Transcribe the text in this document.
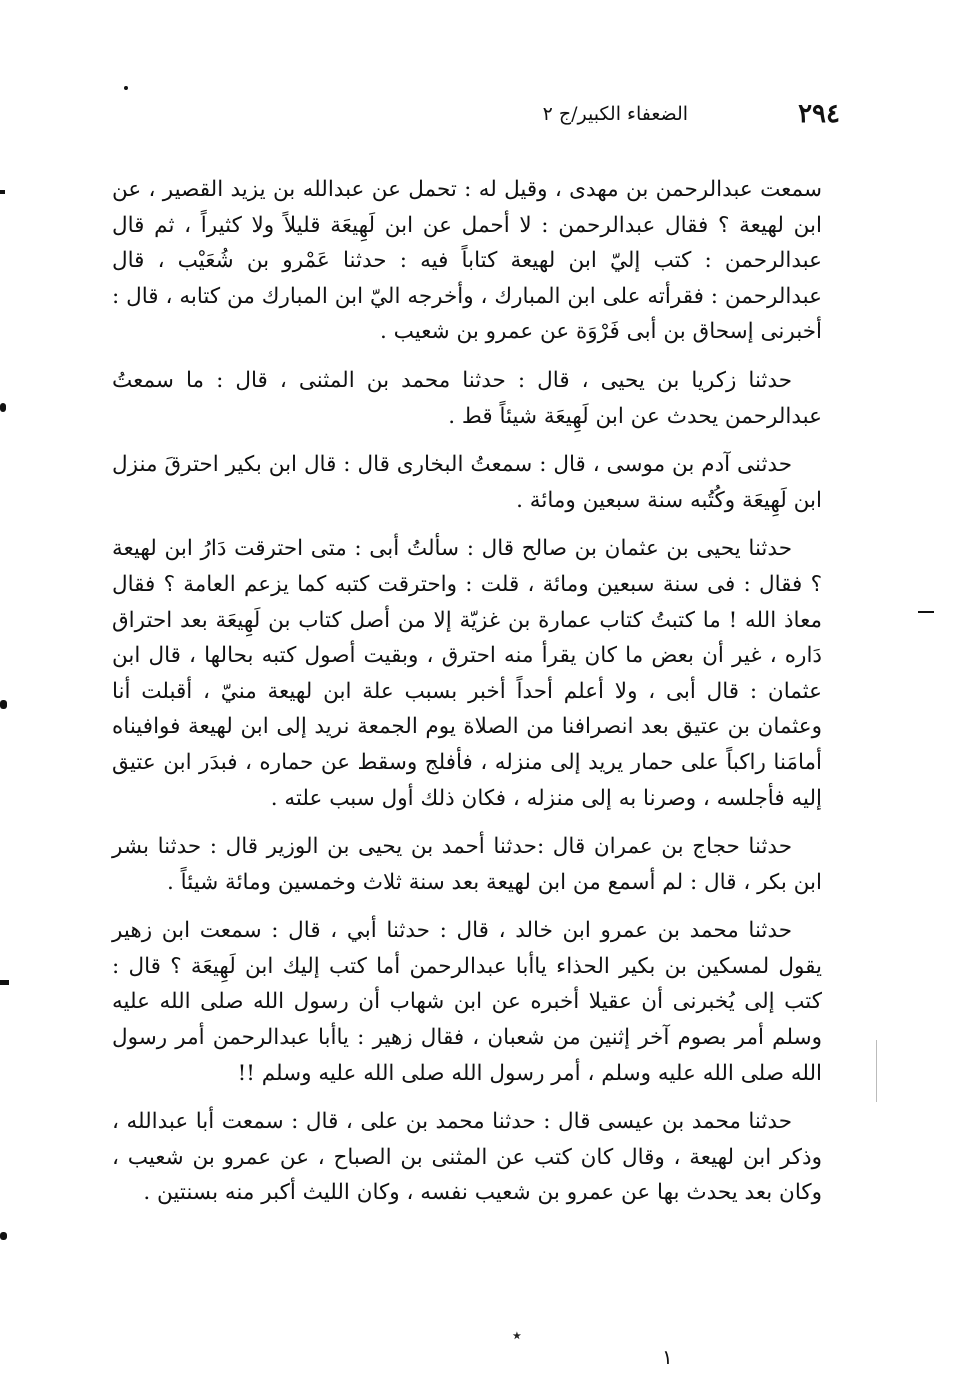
٢٩٤
الضعفاء الكبير/ج ٢

سمعت عبدالرحمن بن مهدى ، وقيل له : تحمل عن عبدالله بن يزيد القصير ، عن ابن لهيعة ؟ فقال عبدالرحمن : لا أحمل عن ابن لَهِيعَة قليلاً ولا كثيراً ، ثم قال عبدالرحمن : كتب إليّ ابن لهيعة كتاباً فيه : حدثنا عَمْرو بن شُعَيْب ، قال عبدالرحمن : فقرأته على ابن المبارك ، وأخرجه اليّ ابن المبارك من كتابه ، قال : أخبرنى إسحاق بن أبى فَرْوَة عن عمرو بن شعيب .

حدثنا زكريا بن يحيى ، قال : حدثنا محمد بن المثنى ، قال : ما سمعتُ عبدالرحمن يحدث عن ابن لَهِيعَة شيئاً قط .

حدثنى آدم بن موسى ، قال : سمعتُ البخارى قال : قال ابن بكير احترقَ منزل ابن لَهِيعَة وكُتُبه سنة سبعين ومائة .

حدثنا يحيى بن عثمان بن صالح قال : سألتُ أبى : متى احترقت دَارُ ابن لهيعة ؟ فقال : فى سنة سبعين ومائة ، قلت : واحترقت كتبه كما يزعم العامة ؟ فقال معاذ الله ! ما كتبتُ كتاب عمارة بن غزيّة إلا من أصل كتاب بن لَهِيعَة بعد احتراق دَاره ، غير أن بعض ما كان يقرأ منه احترق ، وبقيت أصول كتبه بحالها ، قال ابن عثمان : قال أبى ، ولا أعلم أحداً أخبر بسبب علة ابن لهيعة منيّ ، أقبلت أنا وعثمان بن عتيق بعد انصرافنا من الصلاة يوم الجمعة نريد إلى ابن لهيعة فوافيناه أمامَنا راكباً على حمار يريد إلى منزله ، فأفلج وسقط عن حماره ، فبدَر ابن عتيق إليه فأجلسه ، وصرنا به إلى منزله ، فكان ذلك أول سبب علته .

حدثنا حجاج بن عمران قال :حدثنا أحمد بن يحيى بن الوزير قال : حدثنا بشر ابن بكر ، قال : لم أسمع من ابن لهيعة بعد سنة ثلاث وخمسين ومائة شيئاً .

حدثنا محمد بن عمرو ابن خالد ، قال : حدثنا أبي ، قال : سمعت ابن زهير يقول لمسكين بن بكير الحذاء ياأبا عبدالرحمن أما كتب إليك ابن لَهِيعَة ؟ قال : كتب إلى يُخبرنى أن عقيلا أخبره عن ابن شهاب أن رسول الله صلى الله عليه وسلم أمر بصوم آخر إثنين من شعبان ، فقال زهير : ياأبا عبدالرحمن أمر رسول الله صلى الله عليه وسلم ، أمر رسول الله صلى الله عليه وسلم !!

حدثنا محمد بن عيسى قال : حدثنا محمد بن على ، قال : سمعت أبا عبدالله ، وذكر ابن لهيعة ، وقال كان كتب عن المثنى بن الصباح ، عن عمرو بن شعيب ، وكان بعد يحدث بها عن عمرو بن شعيب نفسه ، وكان الليث أكبر منه بسنتين .

٭
١
